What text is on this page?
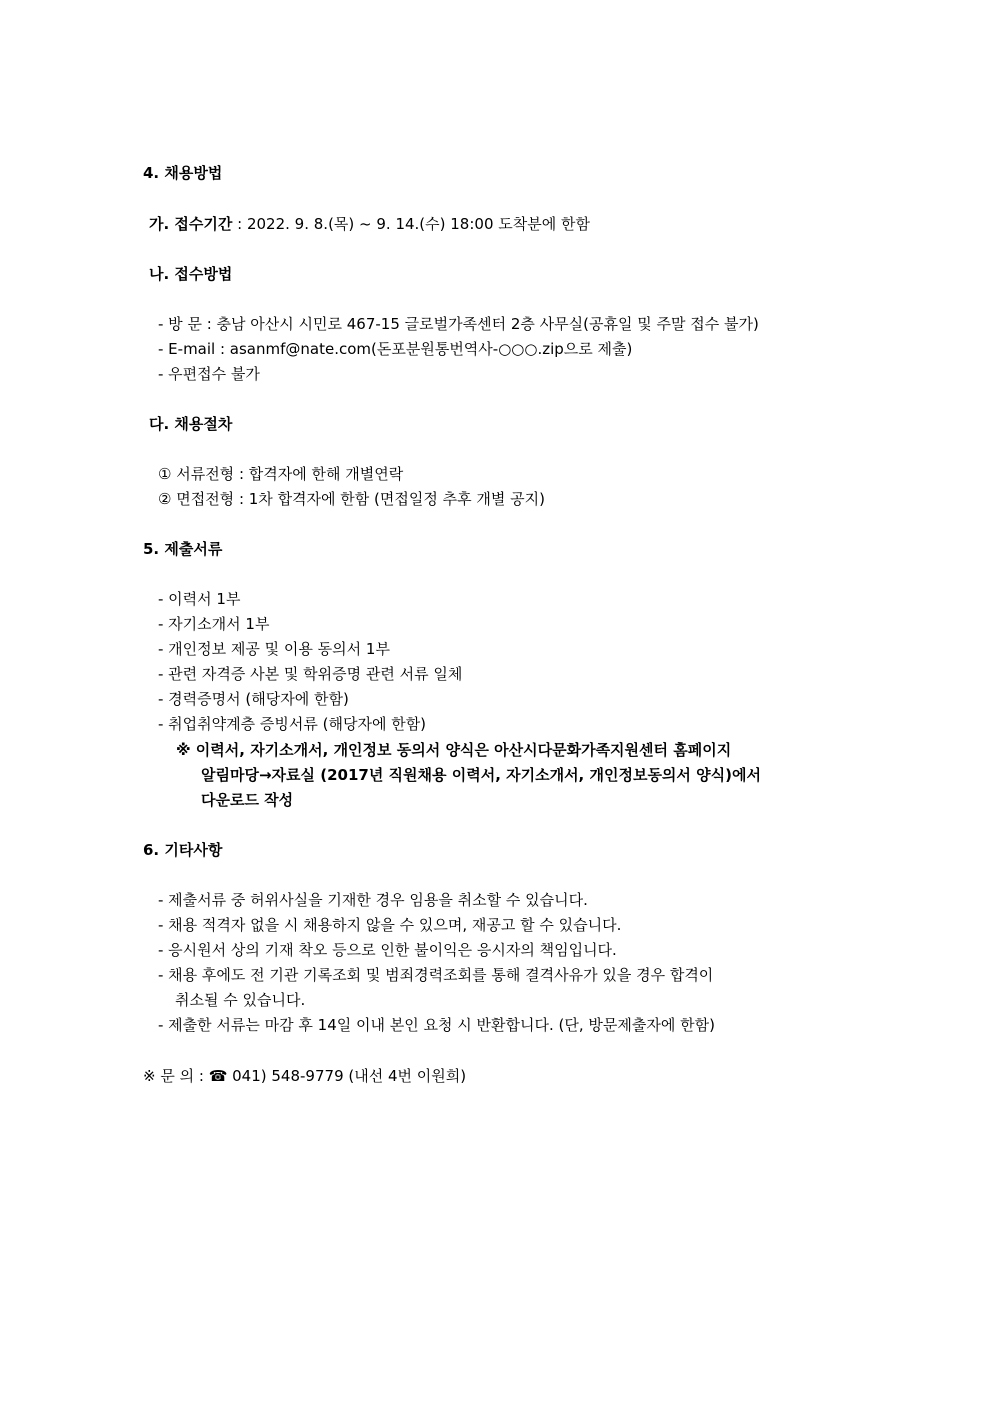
4. 채용방법
가. 접수기간 : 2022. 9. 8.(목) ~ 9. 14.(수) 18:00 도착분에 한함
나. 접수방법
- 방 문 : 충남 아산시 시민로 467-15 글로벌가족센터 2층 사무실(공휴일 및 주말 접수 불가)
- E-mail : asanmf@nate.com(돈포분원통번역사-○○○.zip으로 제출)
- 우편접수 불가
다. 채용절차
① 서류전형 : 합격자에 한해 개별연락
② 면접전형 : 1차 합격자에 한함 (면접일정 추후 개별 공지)
5. 제출서류
- 이력서 1부
- 자기소개서 1부
- 개인정보 제공 및 이용 동의서 1부
- 관련 자격증 사본 및 학위증명 관련 서류 일체
- 경력증명서 (해당자에 한함)
- 취업취약계층 증빙서류 (해당자에 한함)
※ 이력서, 자기소개서, 개인정보 동의서 양식은 아산시다문화가족지원센터 홈페이지
알림마당→자료실 (2017년 직원채용 이력서, 자기소개서, 개인정보동의서 양식)에서
다운로드 작성
6. 기타사항
- 제출서류 중 허위사실을 기재한 경우 임용을 취소할 수 있습니다.
- 채용 적격자 없을 시 채용하지 않을 수 있으며, 재공고 할 수 있습니다.
- 응시원서 상의 기재 착오 등으로 인한 불이익은 응시자의 책임입니다.
- 채용 후에도 전 기관 기록조회 및 범죄경력조회를 통해 결격사유가 있을 경우 합격이
취소될 수 있습니다.
- 제출한 서류는 마감 후 14일 이내 본인 요청 시 반환합니다. (단, 방문제출자에 한함)
※ 문 의 : ☎ 041) 548-9779 (내선 4번 이원희)
